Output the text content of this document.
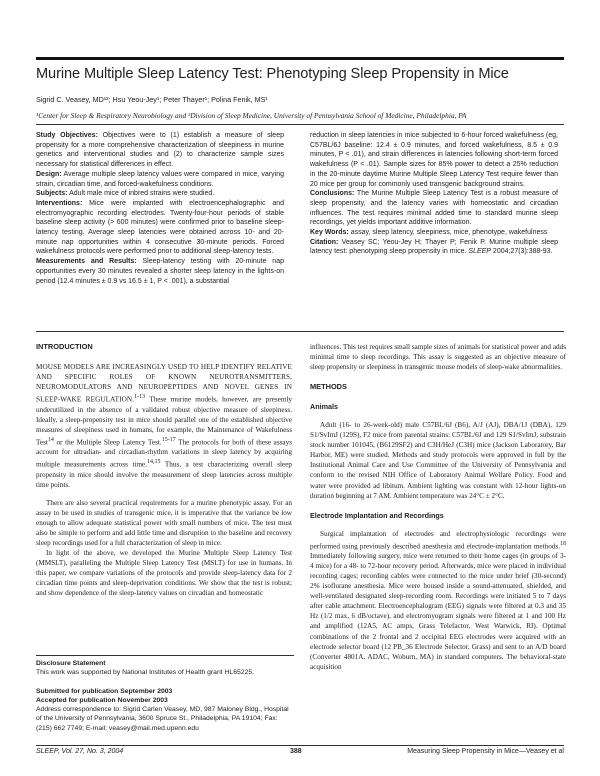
Murine Multiple Sleep Latency Test: Phenotyping Sleep Propensity in Mice
Sigrid C. Veasey, MD¹²; Hsu Yeou-Jey¹; Peter Thayer¹; Polina Fenik, MS¹
¹Center for Sleep & Respiratory Neurobiology and ²Division of Sleep Medicine, University of Pennsylvania School of Medicine, Philadelphia, PA

Study Objectives: Objectives were to (1) establish a measure of sleep propensity for a more comprehensive characterization of sleepiness in murine genetics and interventional studies and (2) to characterize sample sizes necessary for statistical differences in effect.

Design: Average multiple sleep latency values were compared in mice, varying strain, circadian time, and forced-wakefulness conditions.

Subjects: Adult male mice of inbred strains were studied.

Interventions: Mice were implanted with electroencephalographic and electromyographic recording electrodes. Twenty-four-hour periods of stable baseline sleep activity (> 600 minutes) were confirmed prior to baseline sleep-latency testing. Average sleep latencies were obtained across 10- and 20-minute nap opportunities within 4 consecutive 30-minute periods. Forced wakefulness protocols were performed prior to additional sleep-latency tests.

Measurements and Results: Sleep-latency testing with 20-minute nap opportunities every 30 minutes revealed a shorter sleep latency in the lights-on period (12.4 minutes ± 0.9 vs 16.5 ± 1, P < .001), a substantial

reduction in sleep latencies in mice subjected to 6-hour forced wakefulness (eg, C57BL/6J baseline: 12.4 ± 0.9 minutes, and forced wakefulness, 8.5 ± 0.9 minutes, P < .01), and strain differences in latencies following short-term forced wakefulness (P < .01). Sample sizes for 85% power to detect a 25% reduction in the 20-minute daytime Murine Multiple Sleep Latency Test require fewer than 20 mice per group for commonly used transgenic background strains.

Conclusions: The Murine Multiple Sleep Latency Test is a robust measure of sleep propensity, and the latency varies with homeostatic and circadian influences. The test requires minimal added time to standard murine sleep recordings, yet yields important additive information.

Key Words: assay, sleep latency, sleepiness, mice, phenotype, wakefulness

Citation: Veasey SC; Yeou-Jey H; Thayer P; Fenik P. Murine multiple sleep latency test: phenotyping sleep propensity in mice. SLEEP 2004;27(3):388-93.

INTRODUCTION

MOUSE MODELS ARE INCREASINGLY USED TO HELP IDENTIFY RELATIVE AND SPECIFIC ROLES OF KNOWN NEUROTRANSMITTERS, NEUROMODULATORS AND NEUROPEPTIDES AND NOVEL GENES IN SLEEP-WAKE REGULATION.$^{1-13}$ These murine models, however, are presently underutilized in the absence of a validated robust objective measure of sleepiness. Ideally, a sleep-propensity test in mice should parallel one of the established objective measures of sleepiness used in humans, for example, the Maintenance of Wakefulness Test$^{14}$ or the Multiple Sleep Latency Test.$^{15-17}$ The protocols for both of these assays account for ultradian- and circadian-rhythm variations in sleep latency by acquiring multiple measurements across time.$^{14,15}$ Thus, a test characterizing overall sleep propensity in mice should involve the measurement of sleep latencies across multiple time points.

There are also several practical requirements for a murine phenotypic assay. For an assay to be used in studies of transgenic mice, it is imperative that the variance be low enough to allow adequate statistical power with small numbers of mice. The test must also be simple to perform and add little time and disruption to the baseline and recovery sleep recordings used for a full characterization of sleep in mice.

In light of the above, we developed the Murine Multiple Sleep Latency Test (MMSLT), paralleling the Multiple Sleep Latency Test (MSLT) for use in humans. In this paper, we compare variations of the protocols and provide sleep-latency data for 2 circadian time points and sleep-deprivation conditions. We show that the test is robust; and show dependence of the sleep-latency values on circadian and homeostatic

influences. This test requires small sample sizes of animals for statistical power and adds minimal time to sleep recordings. This assay is suggested as an objective measure of sleep propensity or sleepiness in transgenic mouse models of sleep-wake abnormalities.

METHODS
Animals

Adult (16- to 26-week-old) male C57BL/6J (B6), A/J (AJ), DBA/1J (DBA), 129 S1/SvImJ (129S), F2 mice from parental strains: C57BL/6J and 129 S1/SvImJ, substrain stock number 101045, (B6129SF2) and C3H/HeJ (C3H) mice (Jackson Laboratory, Bar Harbor, ME) were studied. Methods and study protocols were approved in full by the Institutional Animal Care and Use Committee of the University of Pennsylvania and conform to the revised NIH Office of Laboratory Animal Welfare Policy. Food and water were provided ad libitum. Ambient lighting was constant with 12-hour lights-on duration beginning at 7 AM. Ambient temperature was 24°C ± 2°C.

Electrode Implantation and Recordings

Surgical implantation of electrodes and electrophysiologic recordings were performed using previously described anesthesia and electrode-implantation methods.$^{18}$ Immediately following surgery, mice were returned to their home cages (in groups of 3-4 mice) for a 48- to 72-hour recovery period. Afterwards, mice were placed in individual recording cages; recording cables were connected to the mice under brief (30-second) 2% isoflurane anesthesia. Mice were housed inside a sound-attenuated, shielded, and well-ventilated designated sleep-recording room. Recordings were initiated 5 to 7 days after cable attachment. Electroencephalogram (EEG) signals were filtered at 0.3 and 35 Hz (1/2 max, 6 dB/octave), and electromyogram signals were filtered at 1 and 100 Hz and amplified (12A5, AC amps, Grass Telefactor, West Warwick, RI). Optimal combinations of the 2 frontal and 2 occipital EEG electrodes were acquired with an electrode selector board (12 PB_36 Electrode Selector, Grass) and sent to an A/D board (Converter 4801A, ADAC, Woburn, MA) in standard computers. The behavioral-state acquisition

Disclosure Statement

This work was supported by National Institutes of Health grant HL65225.

Submitted for publication September 2003

Accepted for publication November 2003

Address correspondence to: Sigrid Carlen Veasey, MD, 987 Maloney Bldg., Hospital of the University of Pennsylvania, 3600 Spruce St., Philadelphia, PA 19104; Fax: (215) 662 7749; E-mail: veasey@mail.med.upenn.edu

SLEEP, Vol. 27, No. 3, 2004	388	Measuring Sleep Propensity in Mice—Veasey et al
